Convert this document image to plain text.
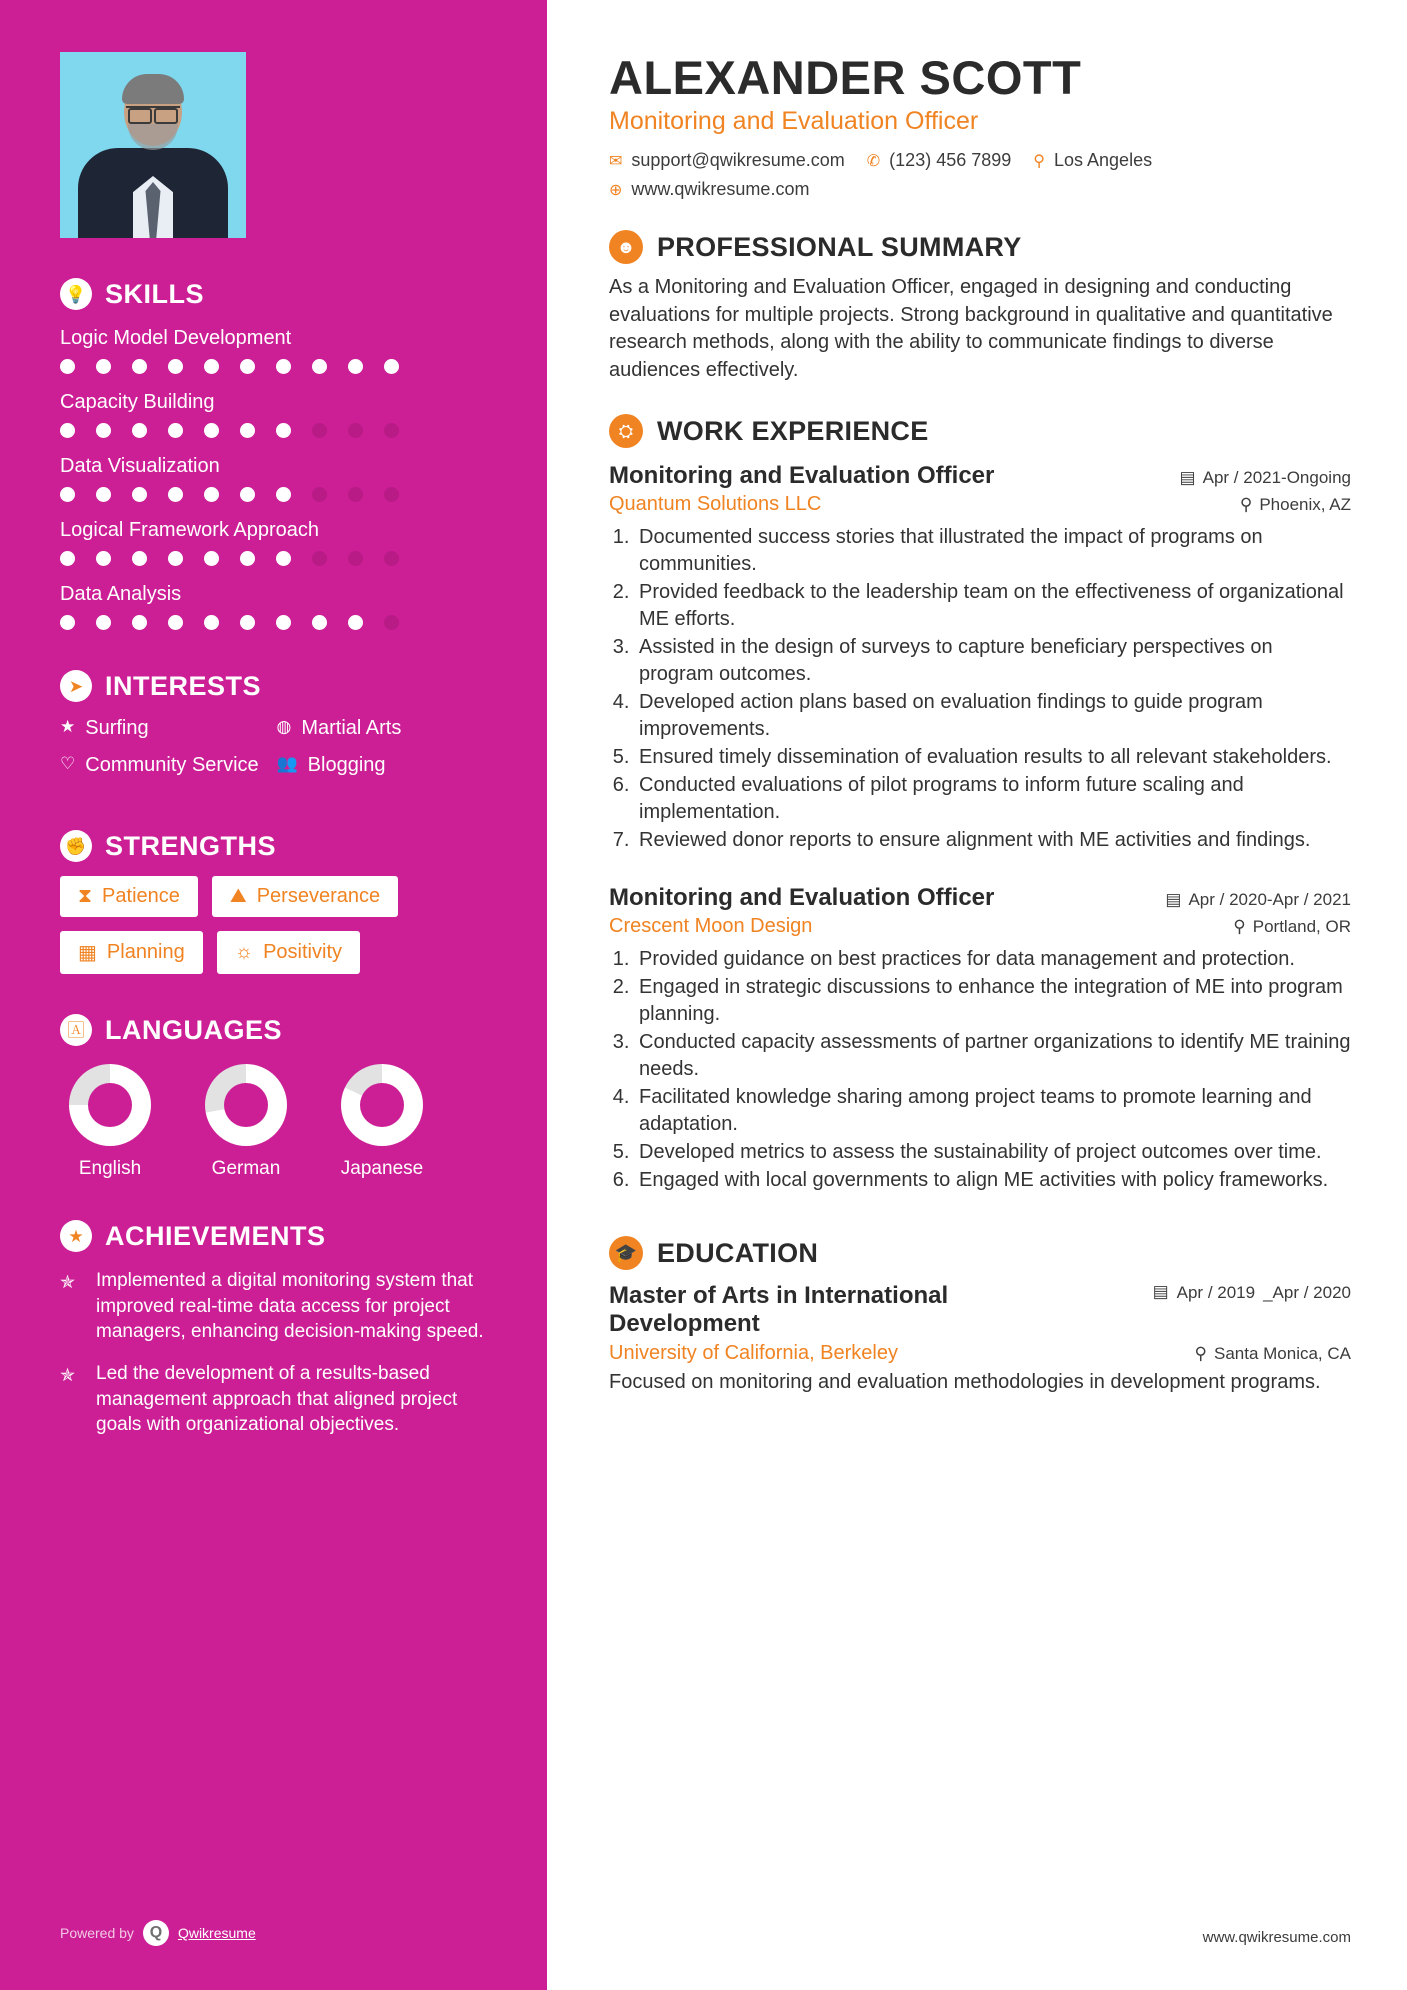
💡 SKILLS
Logic Model Development
Capacity Building
Data Visualization
Logical Framework Approach
Data Analysis
➤ INTERESTS
★ Surfing	◍ Martial Arts
♡ Community Service 👥 Blogging
✊ STRENGTHS
⧗ Patience	⛰ Perseverance
▦ Planning	☼ Positivity
🄰 LANGUAGES
English	German	Japanese
★ ACHIEVEMENTS
✯	Implemented a digital monitoring system that improved real-time data access for project managers, enhancing decision-making speed.
✯	Led the development of a results-based management approach that aligned project goals with organizational objectives.
Powered by Q	Qwikresume
ALEXANDER SCOTT
Monitoring and Evaluation Officer
✉ support@qwikresume.com ✆ (123) 456 7899 ⚲ Los Angeles
⊕ www.qwikresume.com
☻ PROFESSIONAL SUMMARY

As a Monitoring and Evaluation Officer, engaged in designing and conducting evaluations for multiple projects. Strong background in qualitative and quantitative research methods, along with the ability to communicate findings to diverse audiences effectively.

⛭ WORK EXPERIENCE
Monitoring and Evaluation Officer	▤ Apr / 2021-Ongoing
Quantum Solutions LLC	⚲ Phoenix, AZ
1. Documented success stories that illustrated the impact of programs on communities.
2. Provided feedback to the leadership team on the effectiveness of organizational ME efforts.
3. Assisted in the design of surveys to capture beneficiary perspectives on program outcomes.
4. Developed action plans based on evaluation findings to guide program improvements.
5. Ensured timely dissemination of evaluation results to all relevant stakeholders.
6. Conducted evaluations of pilot programs to inform future scaling and implementation.
7. Reviewed donor reports to ensure alignment with ME activities and findings.
Monitoring and Evaluation Officer	▤ Apr / 2020-Apr / 2021
Crescent Moon Design	⚲ Portland, OR
1. Provided guidance on best practices for data management and protection.
2. Engaged in strategic discussions to enhance the integration of ME into program planning.
3. Conducted capacity assessments of partner organizations to identify ME training needs.
4. Facilitated knowledge sharing among project teams to promote learning and adaptation.
5. Developed metrics to assess the sustainability of project outcomes over time.
6. Engaged with local governments to align ME activities with policy frameworks.
🎓 EDUCATION
Master of Arts in International Development
▤ Apr / 2019 _Apr / 2020
University of California, Berkeley	⚲ Santa Monica, CA

Focused on monitoring and evaluation methodologies in development programs.

www.qwikresume.com
